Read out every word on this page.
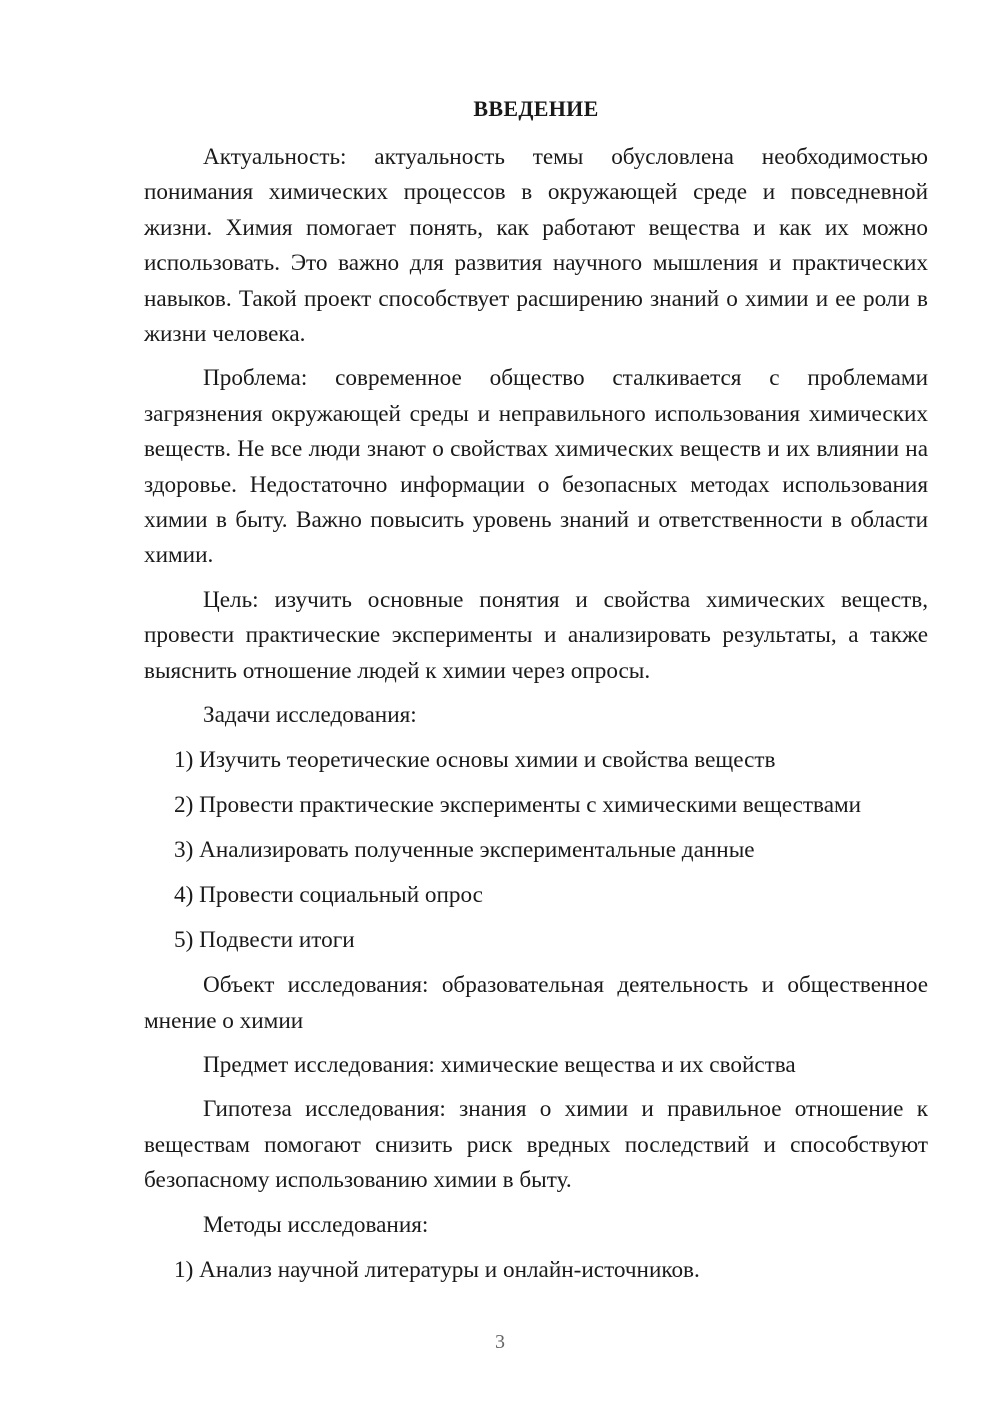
ВВЕДЕНИЕ

Актуальность: актуальность темы обусловлена необходимостью понимания химических процессов в окружающей среде и повседневной жизни. Химия помогает понять, как работают вещества и как их можно использовать. Это важно для развития научного мышления и практических навыков. Такой проект способствует расширению знаний о химии и ее роли в жизни человека.

Проблема: современное общество сталкивается с проблемами загрязнения окружающей среды и неправильного использования химических веществ. Не все люди знают о свойствах химических веществ и их влиянии на здоровье. Недостаточно информации о безопасных методах использования химии в быту. Важно повысить уровень знаний и ответственности в области химии.

Цель: изучить основные понятия и свойства химических веществ, провести практические эксперименты и анализировать результаты, а также выяснить отношение людей к химии через опросы.

Задачи исследования:
1) Изучить теоретические основы химии и свойства веществ
2) Провести практические эксперименты с химическими веществами
3) Анализировать полученные экспериментальные данные
4) Провести социальный опрос
5) Подвести итоги

Объект исследования: образовательная деятельность и общественное мнение о химии

Предмет исследования: химические вещества и их свойства

Гипотеза исследования: знания о химии и правильное отношение к веществам помогают снизить риск вредных последствий и способствуют безопасному использованию химии в быту.

Методы исследования:
1) Анализ научной литературы и онлайн-источников.
3
